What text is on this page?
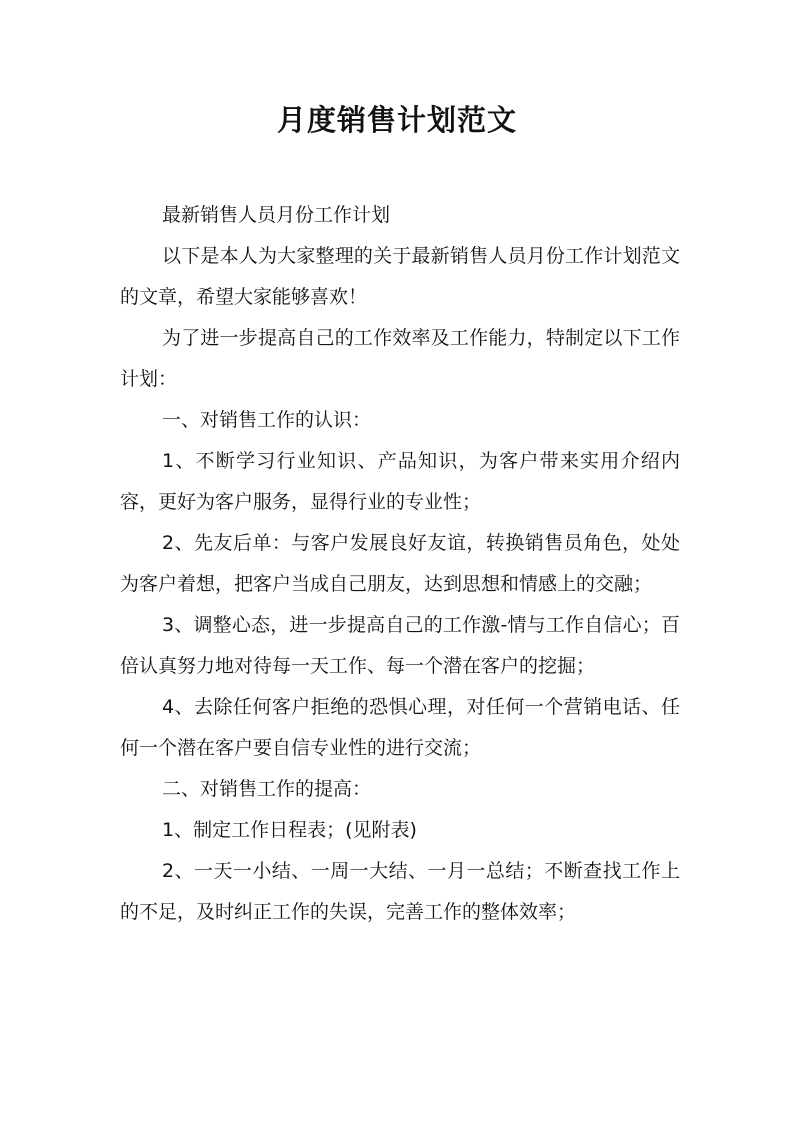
月度销售计划范文

最新销售人员月份工作计划

以下是本人为大家整理的关于最新销售人员月份工作计划范文的文章，希望大家能够喜欢！

为了进一步提高自己的工作效率及工作能力，特制定以下工作计划：

一、对销售工作的认识：

1、不断学习行业知识、产品知识，为客户带来实用介绍内容，更好为客户服务，显得行业的专业性；

2、先友后单：与客户发展良好友谊，转换销售员角色，处处为客户着想，把客户当成自己朋友，达到思想和情感上的交融；

3、调整心态，进一步提高自己的工作激-情与工作自信心；百倍认真努力地对待每一天工作、每一个潜在客户的挖掘；

4、去除任何客户拒绝的恐惧心理，对任何一个营销电话、任何一个潜在客户要自信专业性的进行交流；

二、对销售工作的提高：

1、制定工作日程表；(见附表)

2、一天一小结、一周一大结、一月一总结；不断查找工作上的不足，及时纠正工作的失误，完善工作的整体效率；
